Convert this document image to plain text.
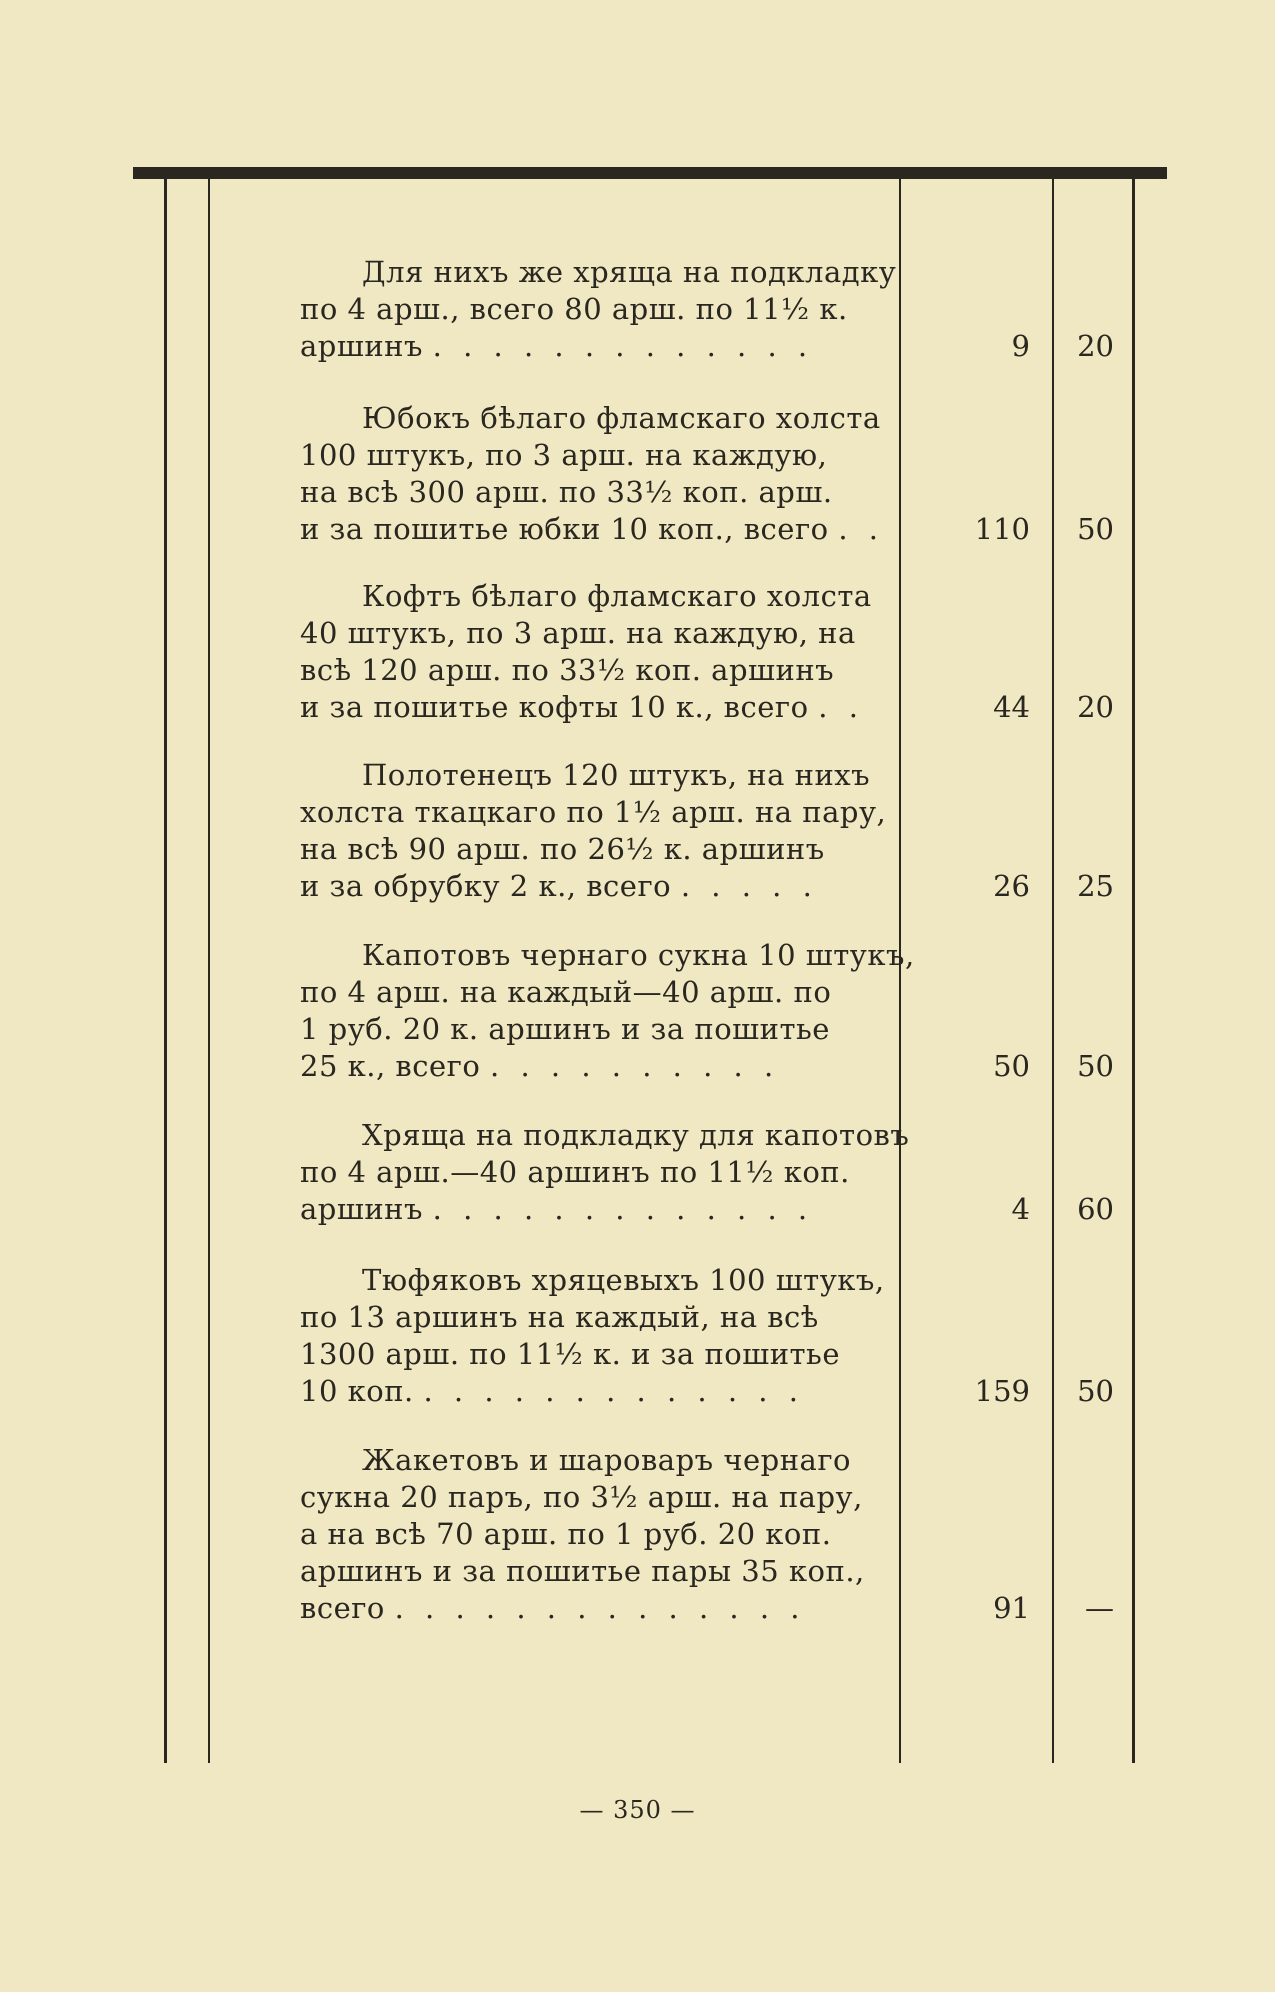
Для нихъ же хряща на подкладку
по 4 арш., всего 80 арш. по 11½ к.
аршинъ . . . . . . . . . . . . .	9	20
Юбокъ бѣлаго фламскаго холста
100 штукъ, по 3 арш. на каждую,
на всѣ 300 арш. по 33½ коп. арш.
и за пошитье юбки 10 коп., всего . .	110	50
Кофтъ бѣлаго фламскаго холста
40 штукъ, по 3 арш. на каждую, на
всѣ 120 арш. по 33½ коп. аршинъ
и за пошитье кофты 10 к., всего . .	44	20
Полотенецъ 120 штукъ, на нихъ
холста ткацкаго по 1½ арш. на пару,
на всѣ 90 арш. по 26½ к. аршинъ
и за обрубку 2 к., всего . . . . .	26	25
Капотовъ чернаго сукна 10 штукъ,
по 4 арш. на каждый—40 арш. по
1 руб. 20 к. аршинъ и за пошитье
25 к., всего . . . . . . . . . .	50	50
Хряща на подкладку для капотовъ
по 4 арш.—40 аршинъ по 11½ коп.
аршинъ . . . . . . . . . . . . .	4	60
Тюфяковъ хряцевыхъ 100 штукъ,
по 13 аршинъ на каждый, на всѣ
1300 арш. по 11½ к. и за пошитье
10 коп. . . . . . . . . . . . . .	159	50
Жакетовъ и шароваръ чернаго
сукна 20 паръ, по 3½ арш. на пару,
а на всѣ 70 арш. по 1 руб. 20 коп.
аршинъ и за пошитье пары 35 коп.,
всего . . . . . . . . . . . . . .	91	—
— 350 —
